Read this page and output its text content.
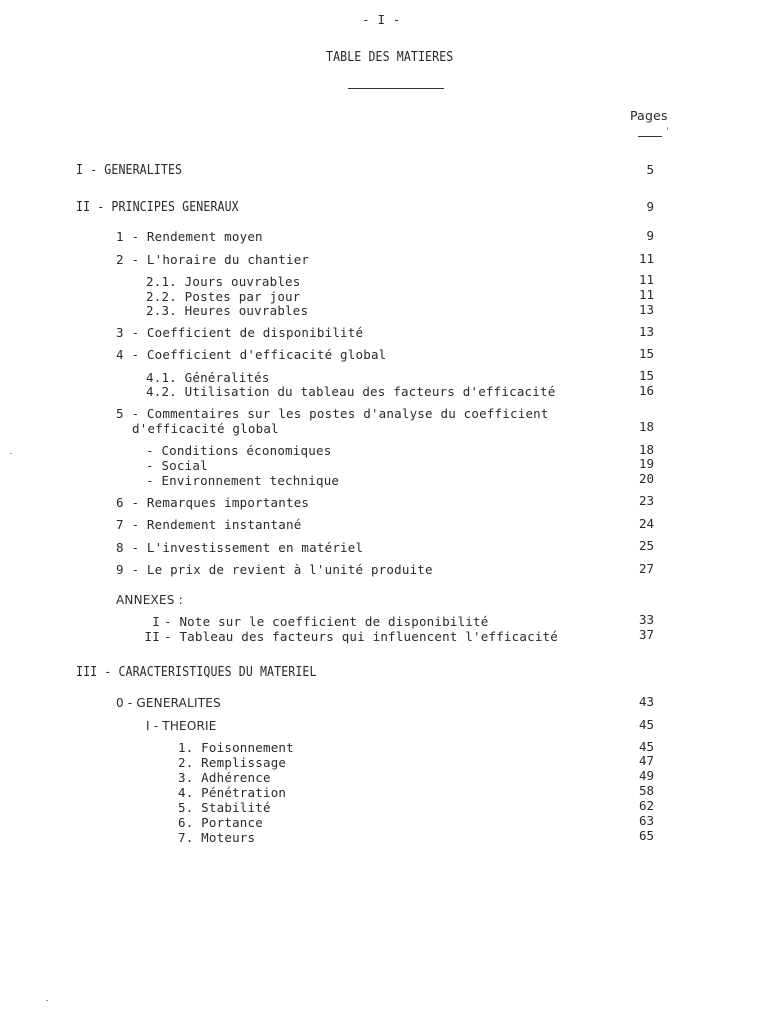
- I -
TABLE DES MATIERES
Pages
I - GENERALITES	5
II - PRINCIPES GENERAUX	9
1 - Rendement moyen	9
2 - L'horaire du chantier	11
2.1. Jours ouvrables	11
2.2. Postes par jour	11
2.3. Heures ouvrables	13
3 - Coefficient de disponibilité	13
4 - Coefficient d'efficacité global	15
4.1. Généralités	15
4.2. Utilisation du tableau des facteurs d'efficacité	16
5 - Commentaires sur les postes d'analyse du coefficient
d'efficacité global	18
- Conditions économiques	18
- Social	19
- Environnement technique	20
6 - Remarques importantes	23
7 - Rendement instantané	24
8 - L'investissement en matériel	25
9 - Le prix de revient à l'unité produite	27
ANNEXES :
I - Note sur le coefficient de disponibilité	33
II - Tableau des facteurs qui influencent l'efficacité	37
III - CARACTERISTIQUES DU MATERIEL
0 - GENERALITES	43
I - THEORIE	45
1. Foisonnement	45
2. Remplissage	47
3. Adhérence	49
4. Pénétration	58
5. Stabilité	62
6. Portance	63
7. Moteurs	65
